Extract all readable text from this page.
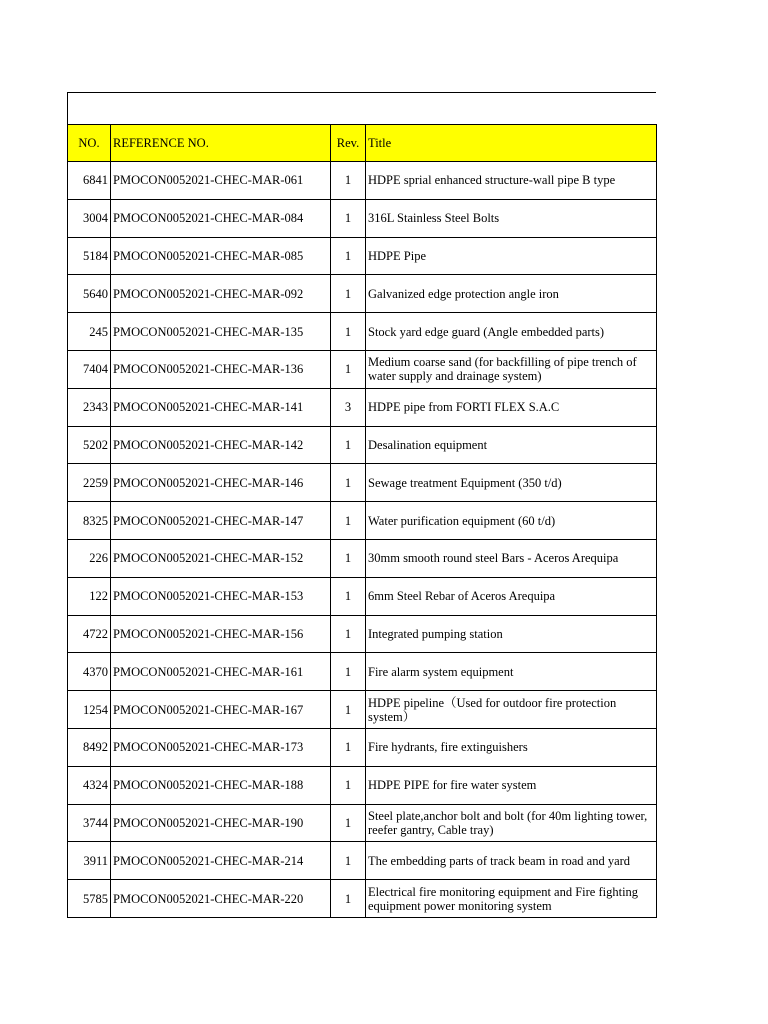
NO.	REFERENCE NO.	Rev.	Title
6841	PMOCON0052021-CHEC-MAR-061	1	HDPE sprial enhanced structure-wall pipe B type
3004	PMOCON0052021-CHEC-MAR-084	1	316L Stainless Steel Bolts
5184	PMOCON0052021-CHEC-MAR-085	1	HDPE Pipe
5640	PMOCON0052021-CHEC-MAR-092	1	Galvanized edge protection angle iron
245	PMOCON0052021-CHEC-MAR-135	1	Stock yard edge guard (Angle embedded parts)
7404	PMOCON0052021-CHEC-MAR-136	1	Medium coarse sand (for backfilling of pipe trench of water supply and drainage system)
2343	PMOCON0052021-CHEC-MAR-141	3	HDPE pipe from FORTI FLEX S.A.C
5202	PMOCON0052021-CHEC-MAR-142	1	Desalination equipment
2259	PMOCON0052021-CHEC-MAR-146	1	Sewage treatment Equipment (350 t/d)
8325	PMOCON0052021-CHEC-MAR-147	1	Water purification equipment (60 t/d)
226	PMOCON0052021-CHEC-MAR-152	1	30mm smooth round steel Bars - Aceros Arequipa
122	PMOCON0052021-CHEC-MAR-153	1	6mm Steel Rebar of Aceros Arequipa
4722	PMOCON0052021-CHEC-MAR-156	1	Integrated pumping station
4370	PMOCON0052021-CHEC-MAR-161	1	Fire alarm system equipment
1254	PMOCON0052021-CHEC-MAR-167	1	HDPE pipeline（Used for outdoor fire protection system）
8492	PMOCON0052021-CHEC-MAR-173	1	Fire hydrants, fire extinguishers
4324	PMOCON0052021-CHEC-MAR-188	1	HDPE PIPE for fire water system
3744	PMOCON0052021-CHEC-MAR-190	1	Steel plate,anchor bolt and bolt (for 40m lighting tower, reefer gantry, Cable tray)
3911	PMOCON0052021-CHEC-MAR-214	1	The embedding parts of track beam in road and yard
5785	PMOCON0052021-CHEC-MAR-220	1	Electrical fire monitoring equipment and Fire fighting equipment power monitoring system
